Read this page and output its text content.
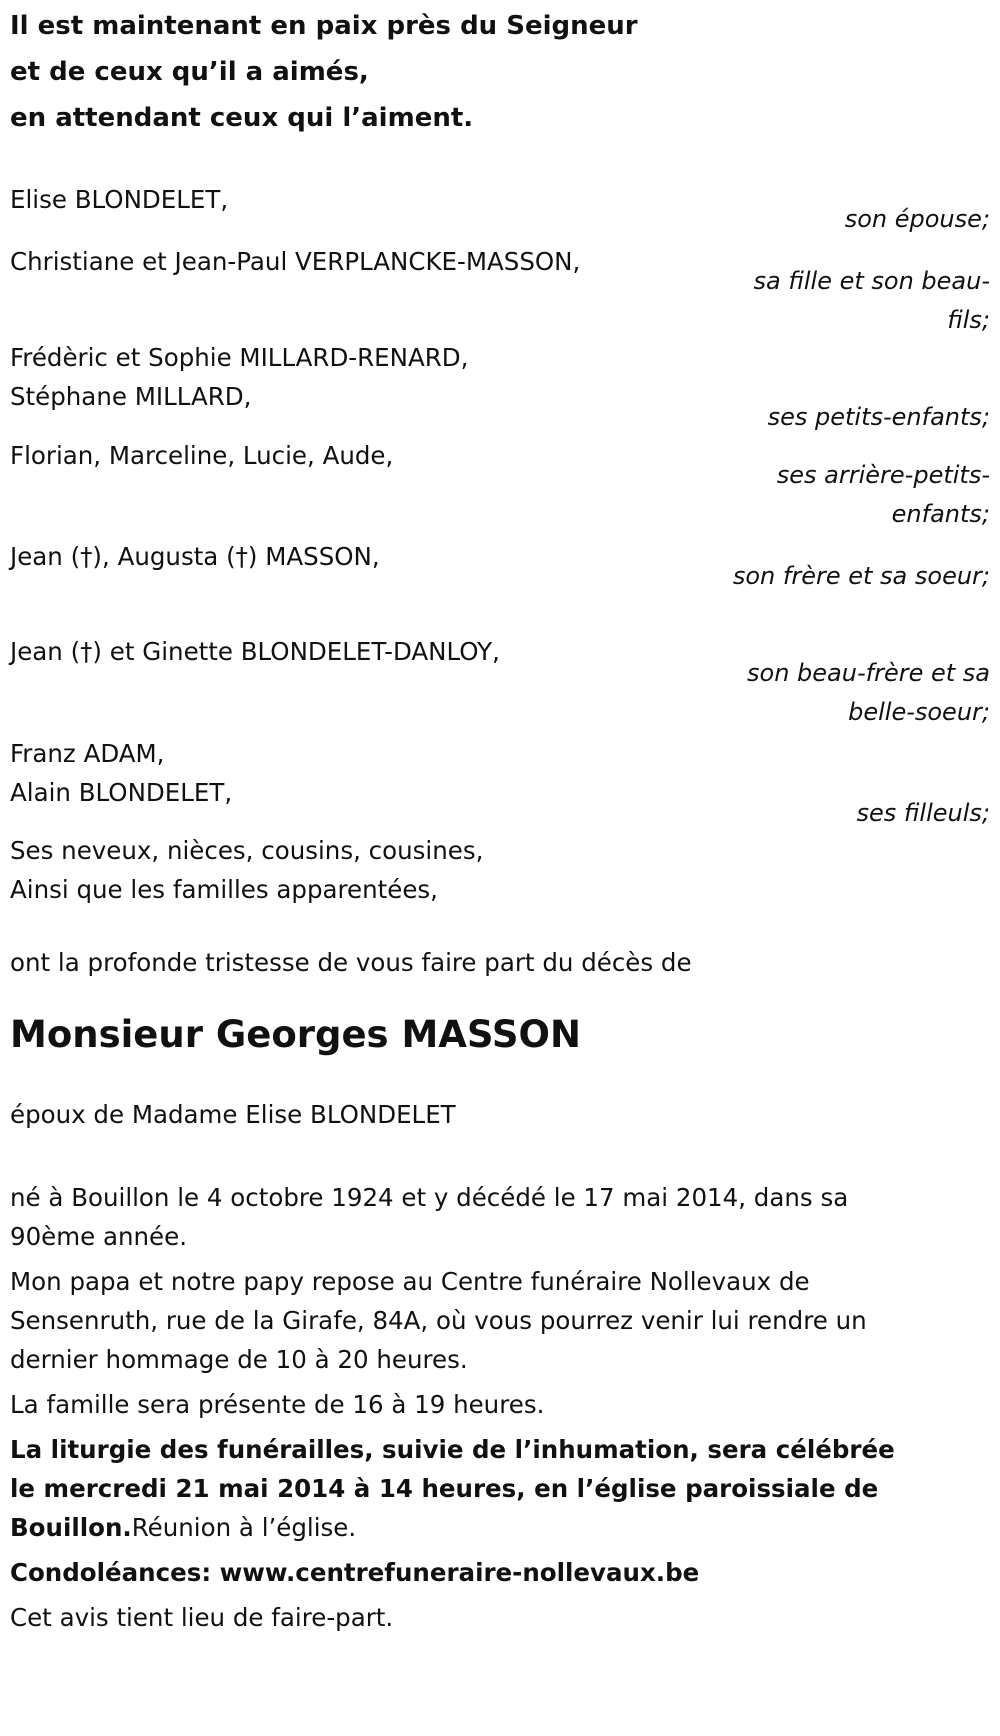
Il est maintenant en paix près du Seigneur
et de ceux qu’il a aimés,
en attendant ceux qui l’aiment.
Elise BLONDELET,
son épouse;
Christiane et Jean-Paul VERPLANCKE-MASSON,
sa fille et son beau-fils;
Frédèric et Sophie MILLARD-RENARD,
Stéphane MILLARD,
ses petits-enfants;
Florian, Marceline, Lucie, Aude,
ses arrière-petits-enfants;
Jean (†), Augusta (†) MASSON,
son frère et sa soeur;
Jean (†) et Ginette BLONDELET-DANLOY,
son beau-frère et sa belle-soeur;
Franz ADAM,
Alain BLONDELET,
ses filleuls;
Ses neveux, nièces, cousins, cousines,
Ainsi que les familles apparentées,
ont la profonde tristesse de vous faire part du décès de
Monsieur Georges MASSON
époux de Madame Elise BLONDELET
né à Bouillon le 4 octobre 1924 et y décédé le 17 mai 2014, dans sa 90ème année.
Mon papa et notre papy repose au Centre funéraire Nollevaux de Sensenruth, rue de la Girafe, 84A, où vous pourrez venir lui rendre un dernier hommage de 10 à 20 heures.
La famille sera présente de 16 à 19 heures.
La liturgie des funérailles, suivie de l’inhumation, sera célébrée le mercredi 21 mai 2014 à 14 heures, en l’église paroissiale de Bouillon.Réunion à l’église.
Condoléances: www.centrefuneraire-nollevaux.be
Cet avis tient lieu de faire-part.
